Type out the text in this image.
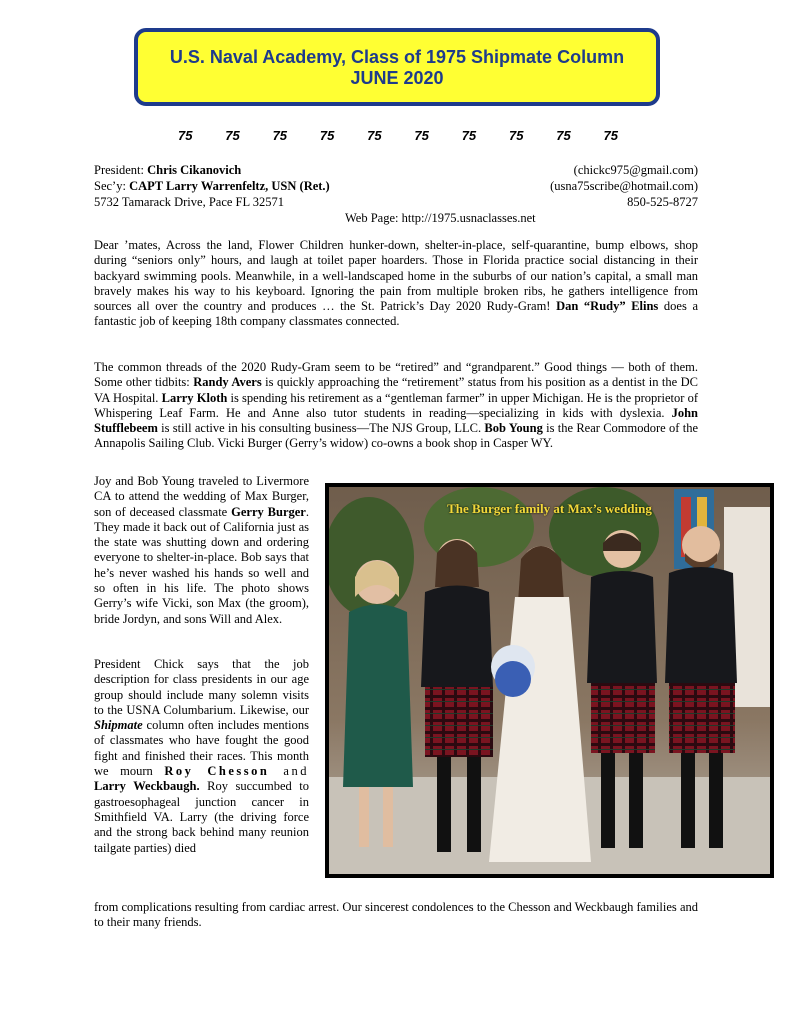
U.S. Naval Academy, Class of 1975 Shipmate Column
JUNE 2020
75	75	75	75	75	75	75	75	75	75
President: Chris Cikanovich	(chickc975@gmail.com)
Sec’y: CAPT Larry Warrenfeltz, USN (Ret.)	(usna75scribe@hotmail.com)
5732 Tamarack Drive, Pace FL 32571	850-525-8727
Web Page: http://1975.usnaclasses.net

Dear ’mates, Across the land, Flower Children hunker-down, shelter-in-place, self-quarantine, bump elbows, shop during “seniors only” hours, and laugh at toilet paper hoarders. Those in Florida practice social distancing in their backyard swimming pools. Meanwhile, in a well-landscaped home in the suburbs of our nation’s capital, a small man bravely makes his way to his keyboard. Ignoring the pain from multiple broken ribs, he gathers intelligence from sources all over the country and produces … the St. Patrick’s Day 2020 Rudy-Gram! Dan “Rudy” Elins does a fantastic job of keeping 18th company classmates connected.

The common threads of the 2020 Rudy-Gram seem to be “retired” and “grandparent.” Good things — both of them. Some other tidbits: Randy Avers is quickly approaching the “retirement” status from his position as a dentist in the DC VA Hospital. Larry Kloth is spending his retirement as a “gentleman farmer” in upper Michigan. He is the proprietor of Whispering Leaf Farm. He and Anne also tutor students in reading—specializing in kids with dyslexia. John Stufflebeem is still active in his consulting business—The NJS Group, LLC. Bob Young is the Rear Commodore of the Annapolis Sailing Club. Vicki Burger (Gerry’s widow) co-owns a book shop in Casper WY.

Joy and Bob Young traveled to Livermore CA to attend the wedding of Max Burger, son of deceased classmate Gerry Burger. They made it back out of California just as the state was shutting down and ordering everyone to shelter-in-place. Bob says that he’s never washed his hands so well and so often in his life. The photo shows Gerry’s wife Vicki, son Max (the groom), bride Jordyn, and sons Will and Alex.

President Chick says that the job description for class presidents in our age group should include many solemn visits to the USNA Columbarium. Likewise, our Shipmate column often includes mentions of classmates who have fought the good fight and finished their races. This month we mourn Roy Chesson and Larry Weckbaugh. Roy succumbed to gastroesophageal junction cancer in Smithfield VA. Larry (the driving force and the strong back behind many reunion tailgate parties) died

The Burger family at Max’s wedding

from complications resulting from cardiac arrest. Our sincerest condolences to the Chesson and Weckbaugh families and to their many friends.
